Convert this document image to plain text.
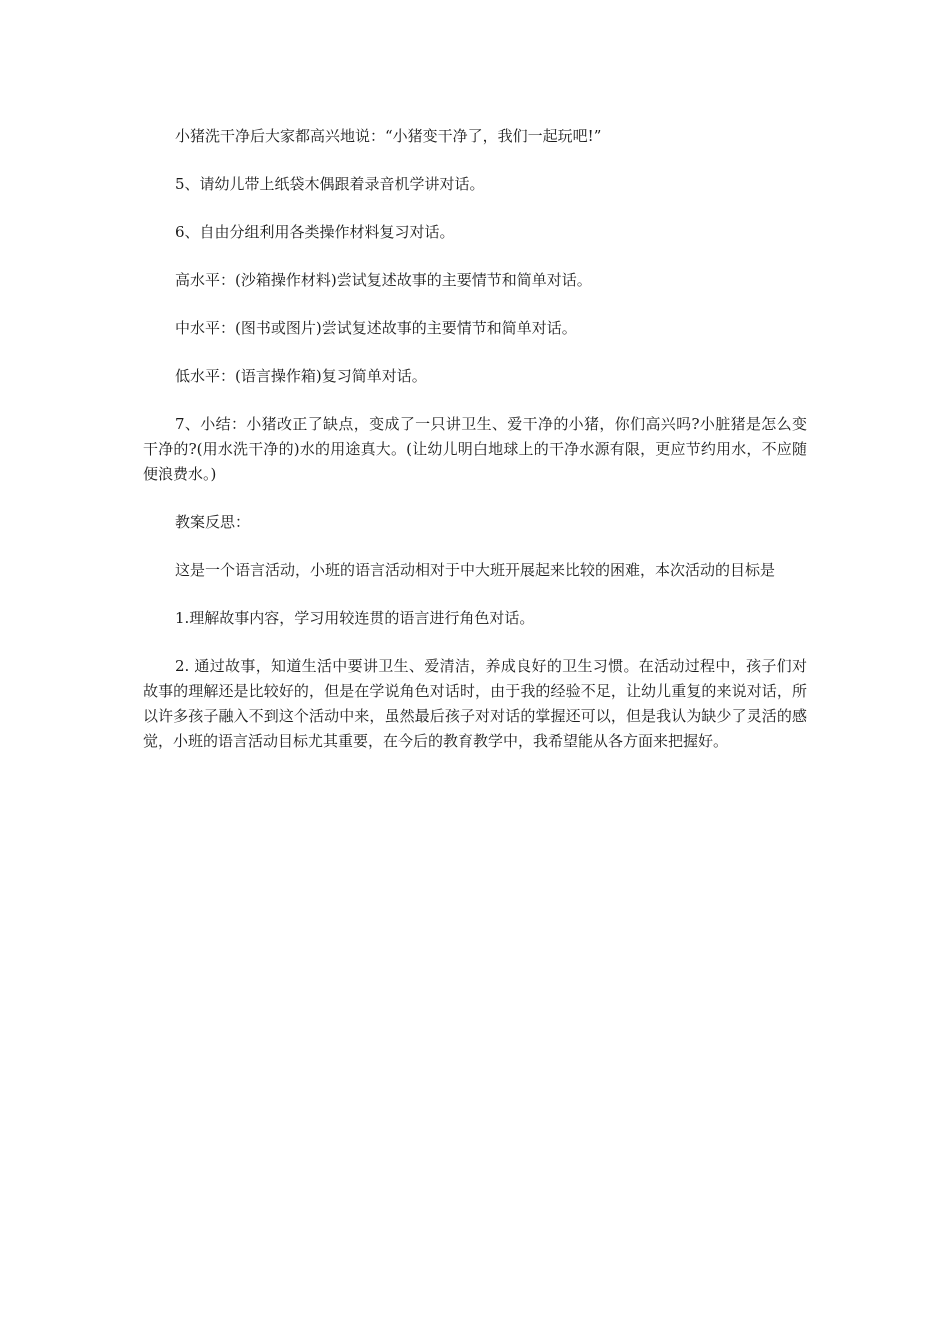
小猪洗干净后大家都高兴地说：“小猪变干净了，我们一起玩吧!”

5、请幼儿带上纸袋木偶跟着录音机学讲对话。

6、自由分组利用各类操作材料复习对话。

高水平：(沙箱操作材料)尝试复述故事的主要情节和简单对话。

中水平：(图书或图片)尝试复述故事的主要情节和简单对话。

低水平：(语言操作箱)复习简单对话。

7、小结：小猪改正了缺点，变成了一只讲卫生、爱干净的小猪，你们高兴吗?小脏猪是怎么变干净的?(用水洗干净的)水的用途真大。(让幼儿明白地球上的干净水源有限，更应节约用水，不应随便浪费水。)

教案反思：

这是一个语言活动，小班的语言活动相对于中大班开展起来比较的困难，本次活动的目标是

1.理解故事内容，学习用较连贯的语言进行角色对话。

2. 通过故事，知道生活中要讲卫生、爱清洁，养成良好的卫生习惯。在活动过程中，孩子们对故事的理解还是比较好的，但是在学说角色对话时，由于我的经验不足，让幼儿重复的来说对话，所以许多孩子融入不到这个活动中来，虽然最后孩子对对话的掌握还可以，但是我认为缺少了灵活的感觉，小班的语言活动目标尤其重要，在今后的教育教学中，我希望能从各方面来把握好。
